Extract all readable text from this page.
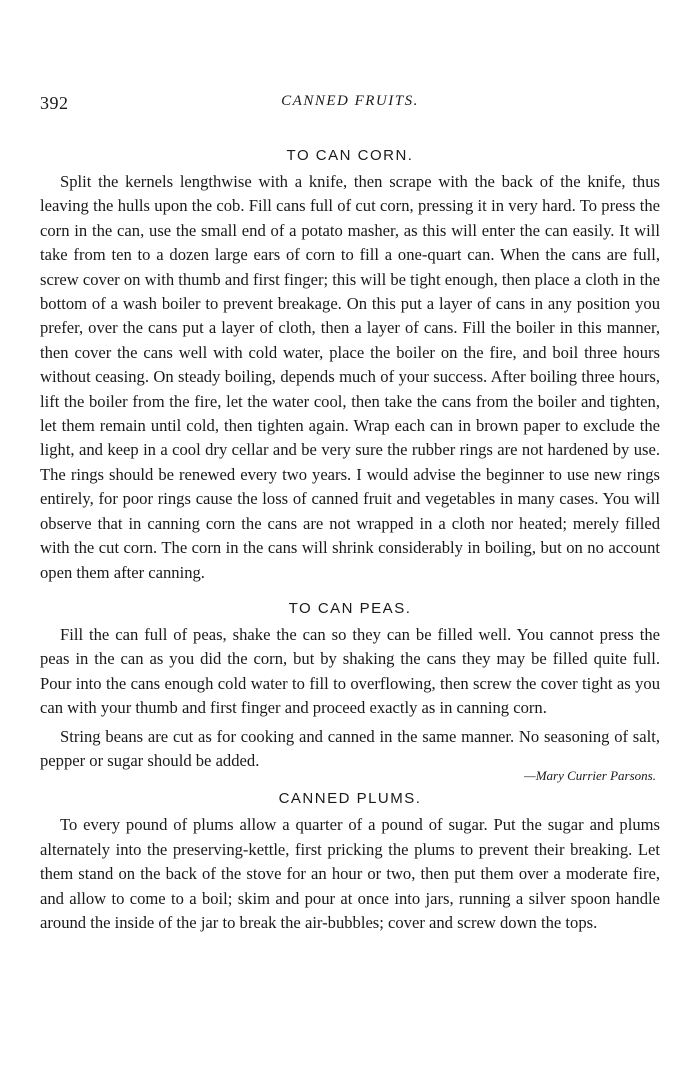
392	CANNED FRUITS.
TO CAN CORN.

Split the kernels lengthwise with a knife, then scrape with the back of the knife, thus leaving the hulls upon the cob. Fill cans full of cut corn, pressing it in very hard. To press the corn in the can, use the small end of a potato masher, as this will enter the can easily. It will take from ten to a dozen large ears of corn to fill a one-quart can. When the cans are full, screw cover on with thumb and first finger; this will be tight enough, then place a cloth in the bottom of a wash boiler to prevent breakage. On this put a layer of cans in any position you prefer, over the cans put a layer of cloth, then a layer of cans. Fill the boiler in this manner, then cover the cans well with cold water, place the boiler on the fire, and boil three hours without ceasing. On steady boiling, depends much of your success. After boiling three hours, lift the boiler from the fire, let the water cool, then take the cans from the boiler and tighten, let them remain until cold, then tighten again. Wrap each can in brown paper to exclude the light, and keep in a cool dry cellar and be very sure the rubber rings are not hardened by use. The rings should be renewed every two years. I would advise the beginner to use new rings entirely, for poor rings cause the loss of canned fruit and vegetables in many cases. You will observe that in canning corn the cans are not wrapped in a cloth nor heated; merely filled with the cut corn. The corn in the cans will shrink considerably in boiling, but on no account open them after canning.

TO CAN PEAS.

Fill the can full of peas, shake the can so they can be filled well. You cannot press the peas in the can as you did the corn, but by shaking the cans they may be filled quite full. Pour into the cans enough cold water to fill to overflowing, then screw the cover tight as you can with your thumb and first finger and proceed exactly as in canning corn.

String beans are cut as for cooking and canned in the same manner. No seasoning of salt, pepper or sugar should be added.

—Mary Currier Parsons.
CANNED PLUMS.

To every pound of plums allow a quarter of a pound of sugar. Put the sugar and plums alternately into the preserving-kettle, first pricking the plums to prevent their breaking. Let them stand on the back of the stove for an hour or two, then put them over a moderate fire, and allow to come to a boil; skim and pour at once into jars, running a silver spoon handle around the inside of the jar to break the air-bubbles; cover and screw down the tops.
